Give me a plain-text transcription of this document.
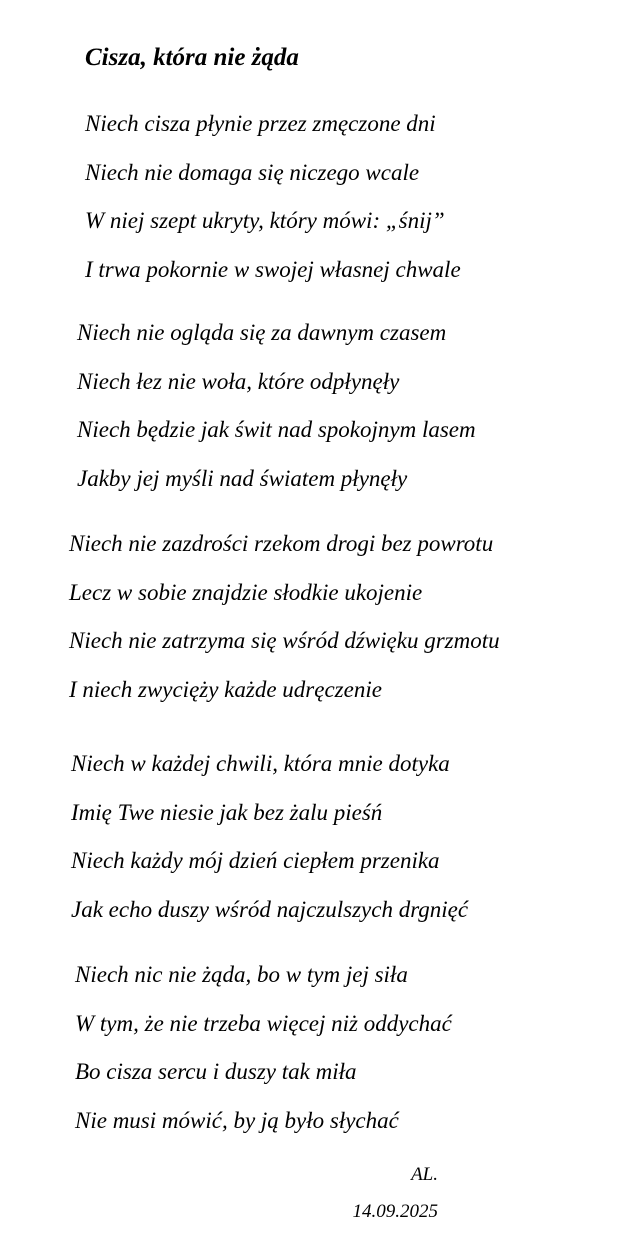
Cisza, która nie żąda
Niech cisza płynie przez zmęczone dni
Niech nie domaga się niczego wcale
W niej szept ukryty, który mówi: „śnij”
I trwa pokornie w swojej własnej chwale
Niech nie ogląda się za dawnym czasem
Niech łez nie woła, które odpłynęły
Niech będzie jak świt nad spokojnym lasem
Jakby jej myśli nad światem płynęły
Niech nie zazdrości rzekom drogi bez powrotu
Lecz w sobie znajdzie słodkie ukojenie
Niech nie zatrzyma się wśród dźwięku grzmotu
I niech zwycięży każde udręczenie
Niech w każdej chwili, która mnie dotyka
Imię Twe niesie jak bez żalu pieśń
Niech każdy mój dzień ciepłem przenika
Jak echo duszy wśród najczulszych drgnięć
Niech nic nie żąda, bo w tym jej siła
W tym, że nie trzeba więcej niż oddychać
Bo cisza sercu i duszy tak miła
Nie musi mówić, by ją było słychać
AL.
14.09.2025
